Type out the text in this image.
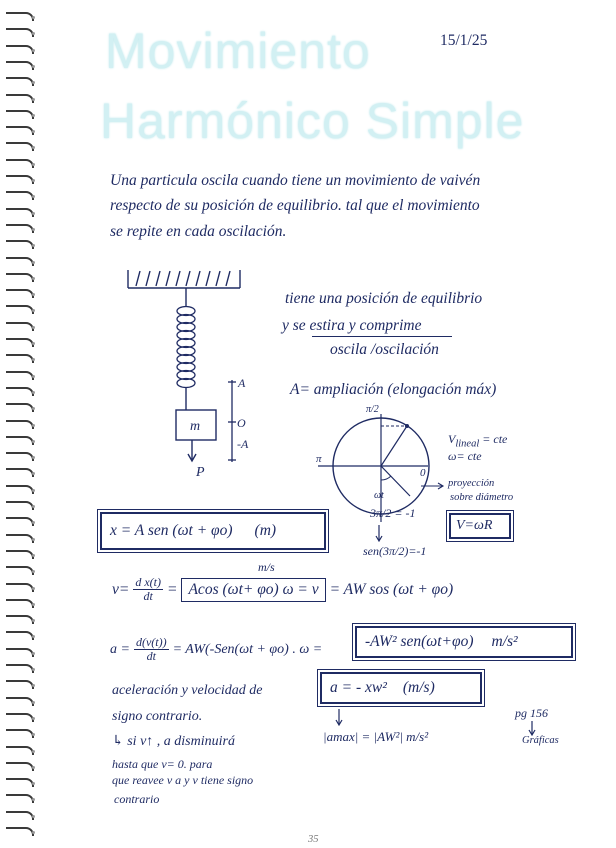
Movimiento
Harmónico Simple
15/1/25
Una particula oscila cuando tiene un movimiento de vaivén
respecto de su posición de equilibrio. tal que el movimiento
se repite en cada oscilación.
m
P
A
O
-A
tiene una posición de equilibrio
y se estira y comprime
oscila /oscilación
A= ampliación (elongación máx)
π/2
π
0
ωt
3π/2 = -1
sen(3π/2)=-1
$V_{lineal}$ = cte
ω= cte
proyección
sobre diámetro
V=ωR
x = A sen (ωt + φo) (m)
m/s
$v= \frac{\text{d x(t)}}{dt} = Acos$ (ωt+ φo) ω = v = AW sos (ωt + φo)
$a = \frac{d(v(t))}{dt} = AW(-Sen(\omega t + \varphi o)$ . ω =	-AW² sen(ωt+φo) m/s²
a = - xw² (m/s)
aceleración y velocidad de
signo contrario.
↳ si v↑ , a disminuirá
hasta que v= 0. para
que reavee v a y v tiene signo
contrario
|amax| = |AW²| m/s²
pg 156
Gráficas
35
